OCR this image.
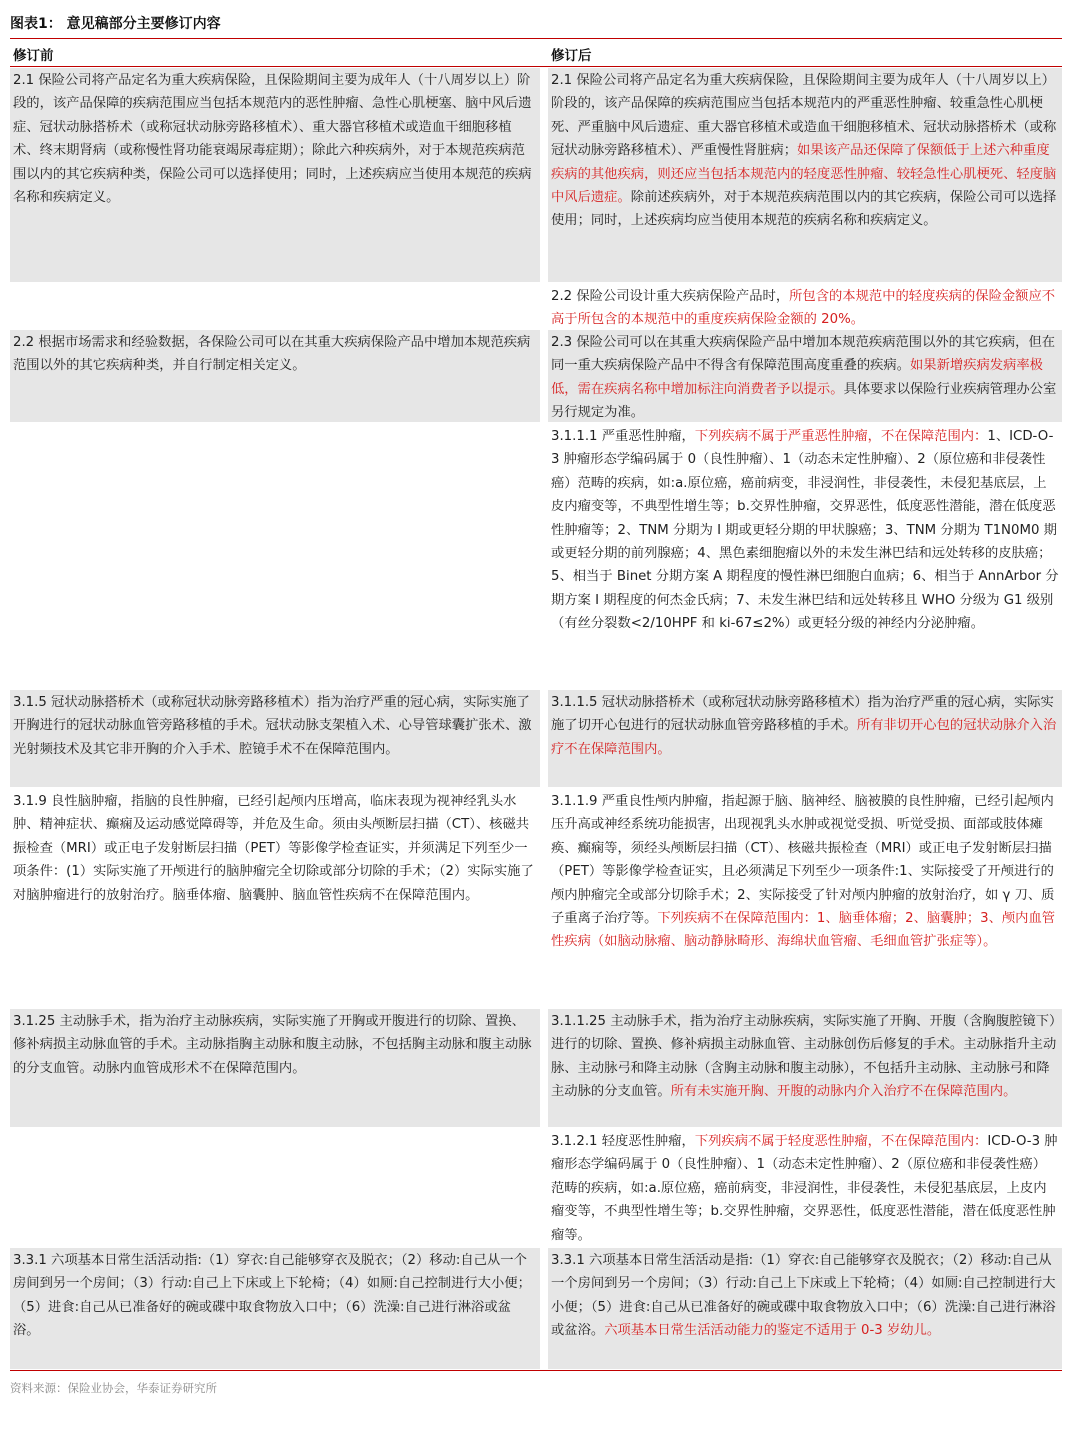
图表1： 意见稿部分主要修订内容
修订前	修订后
2.1 保险公司将产品定名为重大疾病保险，且保险期间主要为成年人（十八周岁以上）阶段的，该产品保障的疾病范围应当包括本规范内的恶性肿瘤、急性心肌梗塞、脑中风后遗症、冠状动脉搭桥术（或称冠状动脉旁路移植术）、重大器官移植术或造血干细胞移植术、终末期肾病（或称慢性肾功能衰竭尿毒症期）；除此六种疾病外，对于本规范疾病范围以内的其它疾病种类，保险公司可以选择使用；同时，上述疾病应当使用本规范的疾病名称和疾病定义。
2.1 保险公司将产品定名为重大疾病保险，且保险期间主要为成年人（十八周岁以上）阶段的，该产品保障的疾病范围应当包括本规范内的严重恶性肿瘤、较重急性心肌梗死、严重脑中风后遗症、重大器官移植术或造血干细胞移植术、冠状动脉搭桥术（或称冠状动脉旁路移植术）、严重慢性肾脏病；如果该产品还保障了保额低于上述六种重度疾病的其他疾病，则还应当包括本规范内的轻度恶性肿瘤、较轻急性心肌梗死、轻度脑中风后遗症。除前述疾病外，对于本规范疾病范围以内的其它疾病，保险公司可以选择使用；同时，上述疾病均应当使用本规范的疾病名称和疾病定义。
2.2 保险公司设计重大疾病保险产品时，所包含的本规范中的轻度疾病的保险金额应不高于所包含的本规范中的重度疾病保险金额的 20%。
2.2 根据市场需求和经验数据，各保险公司可以在其重大疾病保险产品中增加本规范疾病范围以外的其它疾病种类，并自行制定相关定义。
2.3 保险公司可以在其重大疾病保险产品中增加本规范疾病范围以外的其它疾病，但在同一重大疾病保险产品中不得含有保障范围高度重叠的疾病。如果新增疾病发病率极低，需在疾病名称中增加标注向消费者予以提示。具体要求以保险行业疾病管理办公室另行规定为准。
3.1.1.1 严重恶性肿瘤，下列疾病不属于严重恶性肿瘤，不在保障范围内：1、ICD-O-3 肿瘤形态学编码属于 0（良性肿瘤）、1（动态未定性肿瘤）、2（原位癌和非侵袭性癌）范畴的疾病，如:a.原位癌，癌前病变，非浸润性，非侵袭性，未侵犯基底层，上皮内瘤变等，不典型性增生等；b.交界性肿瘤，交界恶性，低度恶性潜能，潜在低度恶性肿瘤等；2、TNM 分期为 I 期或更轻分期的甲状腺癌；3、TNM 分期为 T1N0M0 期或更轻分期的前列腺癌；4、黑色素细胞瘤以外的未发生淋巴结和远处转移的皮肤癌；5、相当于 Binet 分期方案 A 期程度的慢性淋巴细胞白血病；6、相当于 AnnArbor 分期方案 I 期程度的何杰金氏病；7、未发生淋巴结和远处转移且 WHO 分级为 G1 级别（有丝分裂数<2/10HPF 和 ki-67≤2%）或更轻分级的神经内分泌肿瘤。
3.1.5 冠状动脉搭桥术（或称冠状动脉旁路移植术）指为治疗严重的冠心病，实际实施了开胸进行的冠状动脉血管旁路移植的手术。冠状动脉支架植入术、心导管球囊扩张术、激光射频技术及其它非开胸的介入手术、腔镜手术不在保障范围内。
3.1.1.5 冠状动脉搭桥术（或称冠状动脉旁路移植术）指为治疗严重的冠心病，实际实施了切开心包进行的冠状动脉血管旁路移植的手术。所有非切开心包的冠状动脉介入治疗不在保障范围内。
3.1.9 良性脑肿瘤，指脑的良性肿瘤，已经引起颅内压增高，临床表现为视神经乳头水肿、精神症状、癫痫及运动感觉障碍等，并危及生命。须由头颅断层扫描（CT）、核磁共振检查（MRI）或正电子发射断层扫描（PET）等影像学检查证实，并须满足下列至少一项条件：(1）实际实施了开颅进行的脑肿瘤完全切除或部分切除的手术；（2）实际实施了对脑肿瘤进行的放射治疗。脑垂体瘤、脑囊肿、脑血管性疾病不在保障范围内。
3.1.1.9 严重良性颅内肿瘤，指起源于脑、脑神经、脑被膜的良性肿瘤，已经引起颅内压升高或神经系统功能损害，出现视乳头水肿或视觉受损、听觉受损、面部或肢体瘫痪、癫痫等，须经头颅断层扫描（CT）、核磁共振检查（MRI）或正电子发射断层扫描（PET）等影像学检查证实，且必须满足下列至少一项条件:1、实际接受了开颅进行的颅内肿瘤完全或部分切除手术；2、实际接受了针对颅内肿瘤的放射治疗，如 γ 刀、质子重离子治疗等。下列疾病不在保障范围内：1、脑垂体瘤；2、脑囊肿；3、颅内血管性疾病（如脑动脉瘤、脑动静脉畸形、海绵状血管瘤、毛细血管扩张症等）。
3.1.25 主动脉手术，指为治疗主动脉疾病，实际实施了开胸或开腹进行的切除、置换、修补病损主动脉血管的手术。主动脉指胸主动脉和腹主动脉，不包括胸主动脉和腹主动脉的分支血管。动脉内血管成形术不在保障范围内。
3.1.1.25 主动脉手术，指为治疗主动脉疾病，实际实施了开胸、开腹（含胸腹腔镜下）进行的切除、置换、修补病损主动脉血管、主动脉创伤后修复的手术。主动脉指升主动脉、主动脉弓和降主动脉（含胸主动脉和腹主动脉），不包括升主动脉、主动脉弓和降主动脉的分支血管。所有未实施开胸、开腹的动脉内介入治疗不在保障范围内。
3.1.2.1 轻度恶性肿瘤，下列疾病不属于轻度恶性肿瘤，不在保障范围内：ICD-O-3 肿瘤形态学编码属于 0（良性肿瘤）、1（动态未定性肿瘤）、2（原位癌和非侵袭性癌）范畴的疾病，如:a.原位癌，癌前病变，非浸润性，非侵袭性，未侵犯基底层，上皮内瘤变等，不典型性增生等；b.交界性肿瘤，交界恶性，低度恶性潜能，潜在低度恶性肿瘤等。
3.3.1 六项基本日常生活活动指:（1）穿衣:自己能够穿衣及脱衣；（2）移动:自己从一个房间到另一个房间；（3）行动:自己上下床或上下轮椅；（4）如厕:自己控制进行大小便；（5）进食:自己从已准备好的碗或碟中取食物放入口中；（6）洗澡:自己进行淋浴或盆浴。
3.3.1 六项基本日常生活活动是指:（1）穿衣:自己能够穿衣及脱衣；（2）移动:自己从一个房间到另一个房间；（3）行动:自己上下床或上下轮椅；（4）如厕:自己控制进行大小便；（5）进食:自己从已准备好的碗或碟中取食物放入口中；（6）洗澡:自己进行淋浴或盆浴。六项基本日常生活活动能力的鉴定不适用于 0-3 岁幼儿。
资料来源：保险业协会，华泰证券研究所
